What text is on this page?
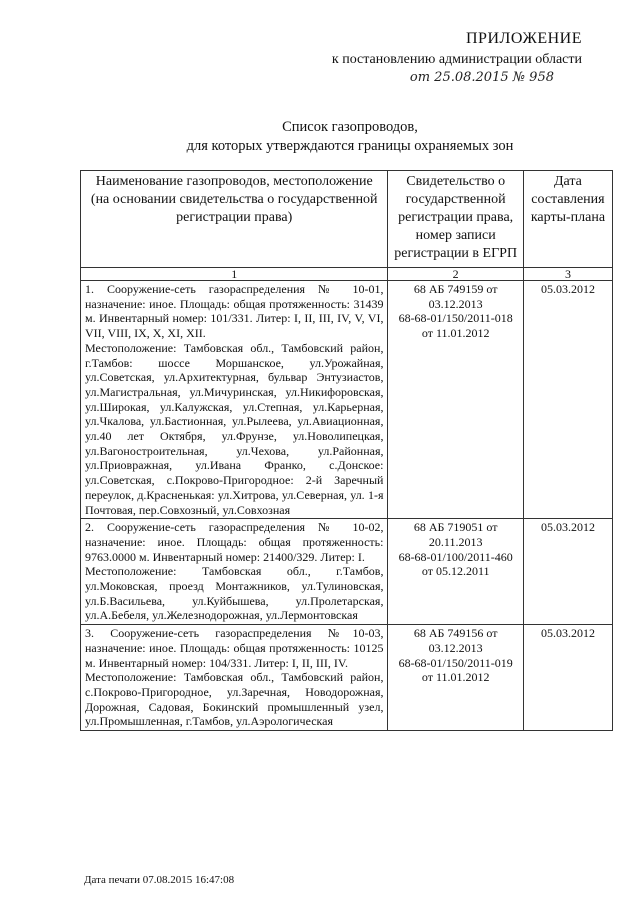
ПРИЛОЖЕНИЕ
к постановлению администрации области
от 25.08.2015 № 958
Список газопроводов,
для которых утверждаются границы охраняемых зон
Наименование газопроводов, местоположение (на основании свидетельства о государственной регистрации права)	Свидетельство о государственной регистрации права, номер записи регистрации в ЕГРП	Дата составления карты-плана
1	2	3

1. Сооружение-сеть газораспределения № 10-01, назначение: иное. Площадь: общая протяженность: 31439 м. Инвентарный номер: 101/331. Литер: I, II, III, IV, V, VI, VII, VIII, IX, X, XI, XII.
Местоположение: Тамбовская обл., Тамбовский район, г.Тамбов: шоссе Моршанское, ул.Урожайная, ул.Советская, ул.Архитектурная, бульвар Энтузиастов, ул.Магистральная, ул.Мичуринская, ул.Никифоровская, ул.Широкая, ул.Калужская, ул.Степная, ул.Карьерная, ул.Чкалова, ул.Бастионная, ул.Рылеева, ул.Авиационная, ул.40 лет Октября, ул.Фрунзе, ул.Новолипецкая, ул.Вагоностроительная, ул.Чехова, ул.Районная, ул.Приовражная, ул.Ивана Франко, с.Донское: ул.Советская, с.Покрово-Пригородное: 2-й Заречный переулок, д.Красненькая: ул.Хитрова, ул.Северная, ул. 1-я Почтовая, пер.Совхозный, ул.Совхозная	68 АБ 749159 от 03.12.2013
68-68-01/150/2011-018 от 11.01.2012	05.03.2012

2. Сооружение-сеть газораспределения № 10-02, назначение: иное. Площадь: общая протяженность: 9763.0000 м. Инвентарный номер: 21400/329. Литер: I.
Местоположение: Тамбовская обл., г.Тамбов, ул.Моковская, проезд Монтажников, ул.Тулиновская, ул.Б.Васильева, ул.Куйбышева, ул.Пролетарская, ул.А.Бебеля, ул.Железнодорожная, ул.Лермонтовская	68 АБ 719051 от 20.11.2013
68-68-01/100/2011-460 от 05.12.2011	05.03.2012

3. Сооружение-сеть газораспределения №10-03, назначение: иное. Площадь: общая протяженность: 10125 м. Инвентарный номер: 104/331. Литер: I, II, III, IV.
Местоположение: Тамбовская обл., Тамбовский район, с.Покрово-Пригородное, ул.Заречная, Новодорожная, Дорожная, Садовая, Бокинский промышленный узел, ул.Промышленная, г.Тамбов, ул.Аэрологическая	68 АБ 749156 от 03.12.2013
68-68-01/150/2011-019 от 11.01.2012	05.03.2012
Дата печати 07.08.2015 16:47:08
